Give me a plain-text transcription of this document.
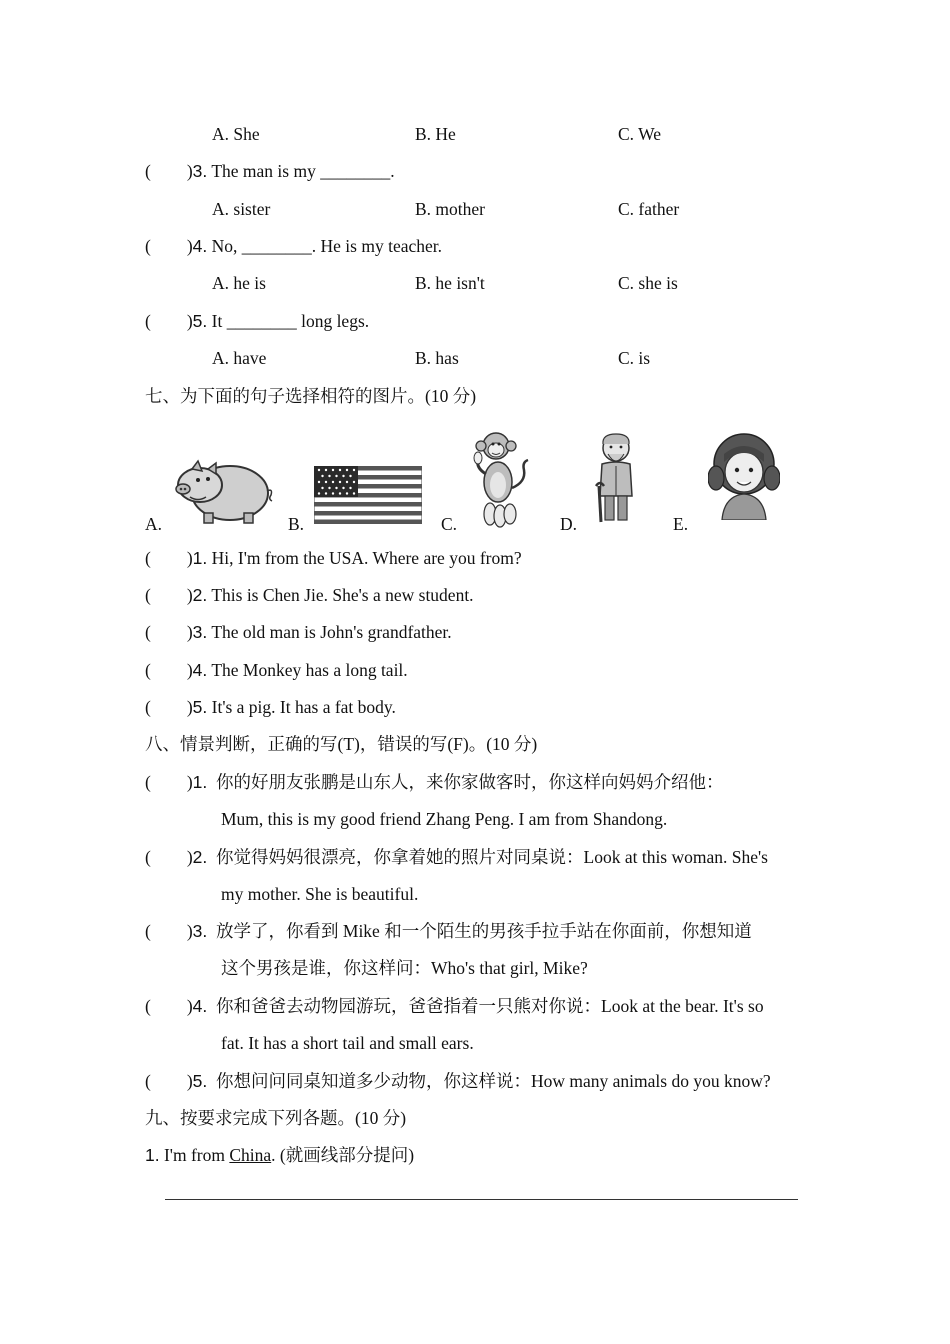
A. She	B. He	C. We
( )3. The man is my ________.
A. sister	B. mother	C. father
( )4. No, ________. He is my teacher.
A. he is	B. he isn't	C. she is
( )5. It ________ long legs.
A. have	B. has	C. is
七、为下面的句子选择相符的图片。(10 分)
A.	B.	C.	D.	E.
( )1. Hi, I'm from the USA. Where are you from?
( )2. This is Chen Jie. She's a new student.
( )3. The old man is John's grandfather.
( )4. The Monkey has a long tail.
( )5. It's a pig. It has a fat body.
八、情景判断，正确的写(T)，错误的写(F)。(10 分)
( )1. 你的好朋友张鹏是山东人，来你家做客时，你这样向妈妈介绍他：
Mum, this is my good friend Zhang Peng. I am from Shandong.
( )2. 你觉得妈妈很漂亮，你拿着她的照片对同桌说：Look at this woman. She's
my mother. She is beautiful.
( )3. 放学了，你看到 Mike 和一个陌生的男孩手拉手站在你面前，你想知道
这个男孩是谁，你这样问：Who's that girl, Mike?
( )4. 你和爸爸去动物园游玩，爸爸指着一只熊对你说：Look at the bear. It's so
fat. It has a short tail and small ears.
( )5. 你想问问同桌知道多少动物，你这样说：How many animals do you know?
九、按要求完成下列各题。(10 分)
1. I'm from China. (就画线部分提问)
